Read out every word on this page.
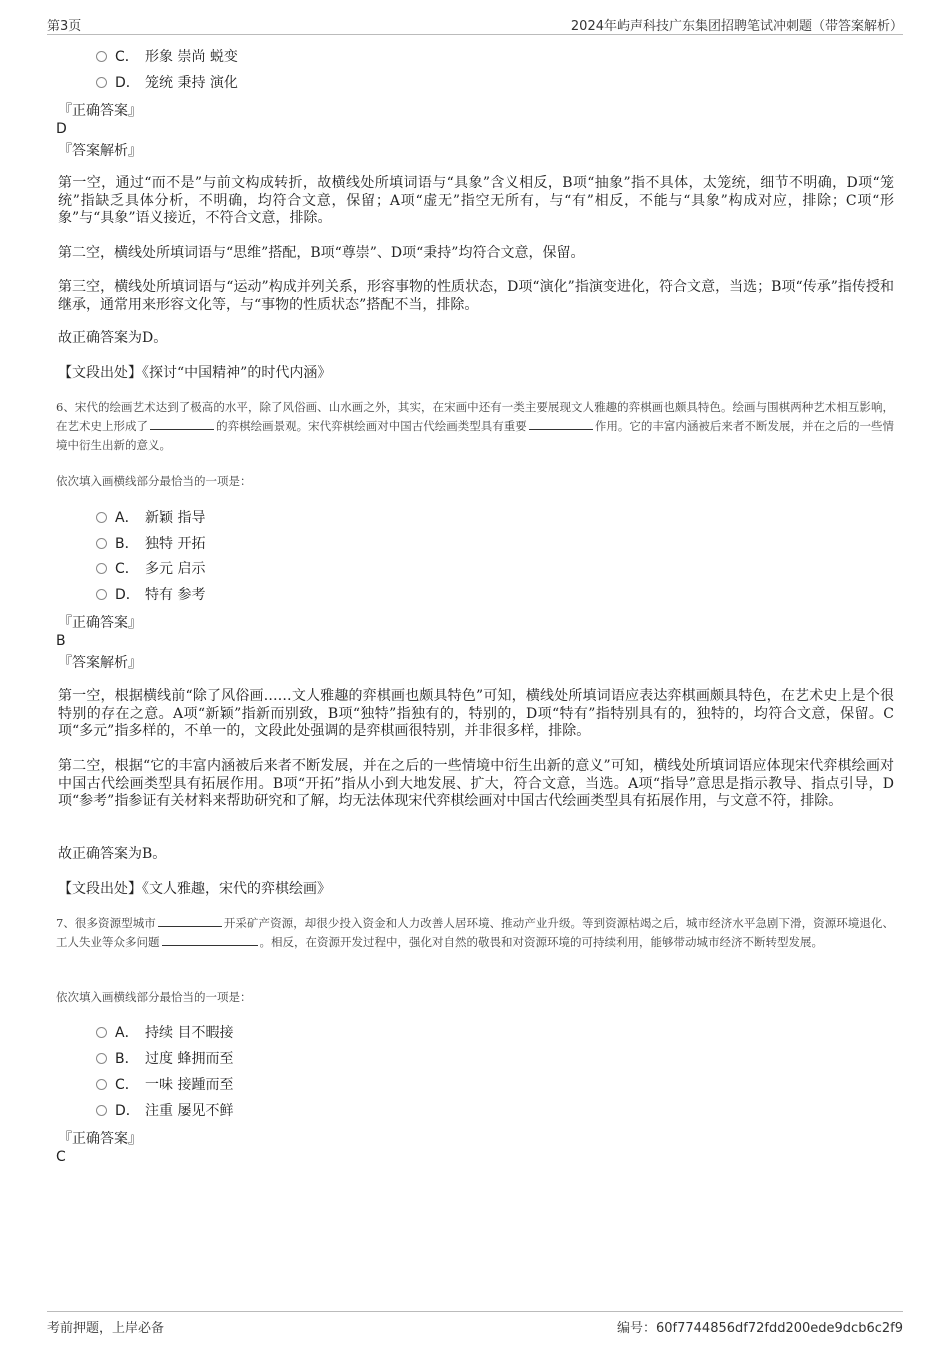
第3页	2024年屿声科技广东集团招聘笔试冲刺题（带答案解析）
C． 形象 崇尚 蜕变
D． 笼统 秉持 演化
『正确答案』
D
『答案解析』

第一空，通过“而不是”与前文构成转折，故横线处所填词语与“具象”含义相反，B项“抽象”指不具体，太笼统，细节不明确，D项“笼统”指缺乏具体分析，不明确，均符合文意，保留；A项“虚无”指空无所有，与“有”相反，不能与“具象”构成对应，排除；C项“形象”与“具象”语义接近，不符合文意，排除。

第二空，横线处所填词语与“思维”搭配，B项“尊崇”、D项“秉持”均符合文意，保留。

第三空，横线处所填词语与“运动”构成并列关系，形容事物的性质状态，D项“演化”指演变进化，符合文意，当选；B项“传承”指传授和继承，通常用来形容文化等，与“事物的性质状态”搭配不当，排除。

故正确答案为D。

【文段出处】《探讨“中国精神”的时代内涵》

6、宋代的绘画艺术达到了极高的水平，除了风俗画、山水画之外，其实，在宋画中还有一类主要展现文人雅趣的弈棋画也颇具特色。绘画与围棋两种艺术相互影响，在艺术史上形成了	的弈棋绘画景观。宋代弈棋绘画对中国古代绘画类型具有重要	作用。它的丰富内涵被后来者不断发展，并在之后的一些情境中衍生出新的意义。

依次填入画横线部分最恰当的一项是：
A． 新颖 指导
B． 独特 开拓
C． 多元 启示
D． 特有 参考
『正确答案』
B
『答案解析』

第一空，根据横线前“除了风俗画……文人雅趣的弈棋画也颇具特色”可知，横线处所填词语应表达弈棋画颇具特色，在艺术史上是个很特别的存在之意。A项“新颖”指新而别致，B项“独特”指独有的，特别的，D项“特有”指特别具有的，独特的，均符合文意，保留。C项“多元”指多样的，不单一的，文段此处强调的是弈棋画很特别，并非很多样，排除。

第二空，根据“它的丰富内涵被后来者不断发展，并在之后的一些情境中衍生出新的意义”可知，横线处所填词语应体现宋代弈棋绘画对中国古代绘画类型具有拓展作用。B项“开拓”指从小到大地发展、扩大，符合文意，当选。A项“指导”意思是指示教导、指点引导，D项“参考”指参证有关材料来帮助研究和了解，均无法体现宋代弈棋绘画对中国古代绘画类型具有拓展作用，与文意不符，排除。

故正确答案为B。

【文段出处】《文人雅趣，宋代的弈棋绘画》

7、很多资源型城市	开采矿产资源，却很少投入资金和人力改善人居环境、推动产业升级。等到资源枯竭之后，城市经济水平急剧下滑，资源环境退化、工人失业等众多问题	。相反，在资源开发过程中，强化对自然的敬畏和对资源环境的可持续利用，能够带动城市经济不断转型发展。

依次填入画横线部分最恰当的一项是：
A． 持续 目不暇接
B． 过度 蜂拥而至
C． 一味 接踵而至
D． 注重 屡见不鲜
『正确答案』
C
考前押题，上岸必备	编号：60f7744856df72fdd200ede9dcb6c2f9
